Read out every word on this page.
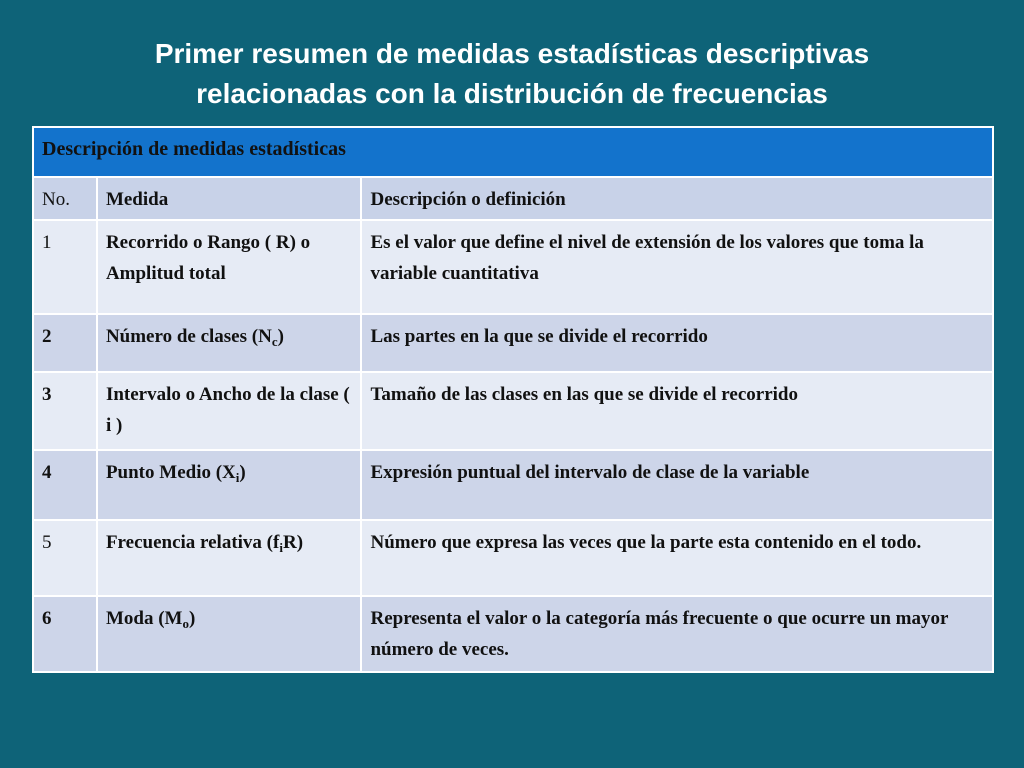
Primer resumen de medidas estadísticas descriptivas
relacionadas con la distribución de frecuencias
Descripción de medidas estadísticas		
No.	Medida	Descripción o definición
1	Recorrido o Rango ( R) o Amplitud total	Es el valor que define el nivel de extensión de los valores que toma la variable cuantitativa
2	Número de clases $(N_c)$	Las partes en la que se divide el recorrido
3	Intervalo o Ancho de la clase ( i )	Tamaño de las clases en las que se divide el recorrido
4	Punto Medio $(X_i)$	Expresión puntual del intervalo de clase de la variable
5	Frecuencia relativa $(f_iR)$	Número que expresa las veces que la parte esta contenido en el todo.
6	Moda $(M_o)$	Representa el valor o la categoría más frecuente o que ocurre un mayor número de veces.
